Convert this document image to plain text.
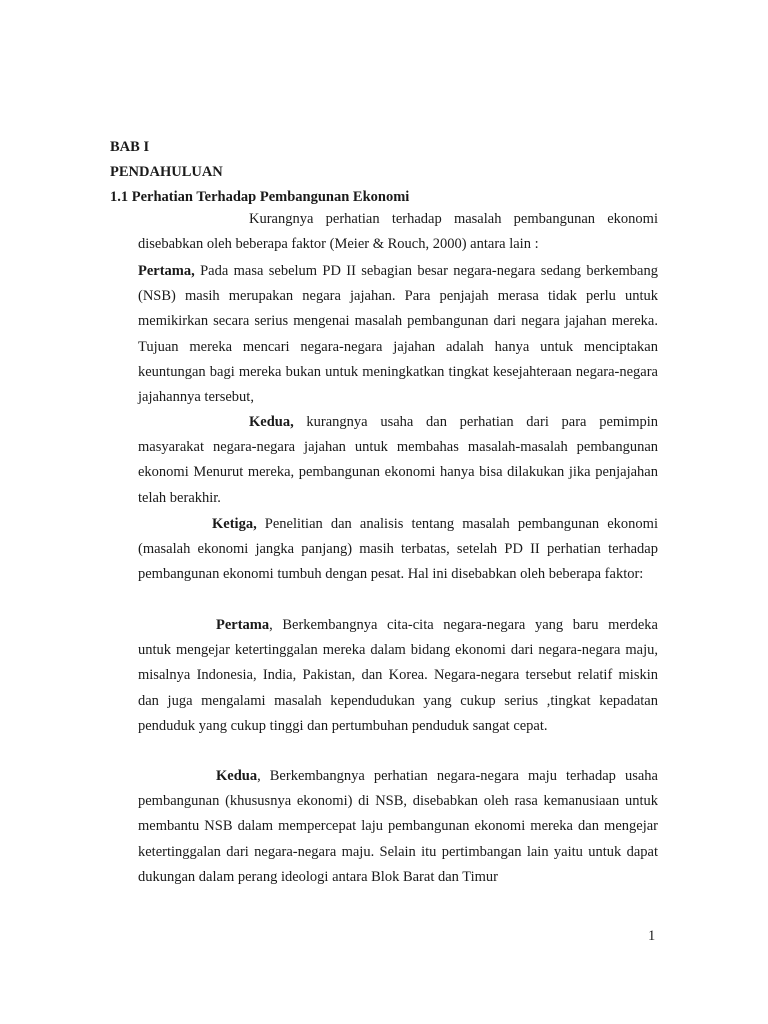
BAB I

PENDAHULUAN

1.1 Perhatian Terhadap Pembangunan Ekonomi

Kurangnya perhatian terhadap masalah pembangunan ekonomi disebabkan oleh beberapa faktor (Meier & Rouch, 2000) antara lain :

Pertama, Pada masa sebelum PD II sebagian besar negara-negara sedang berkembang (NSB) masih merupakan negara jajahan. Para penjajah merasa tidak perlu untuk memikirkan secara serius mengenai masalah pembangunan dari negara jajahan mereka. Tujuan mereka mencari negara-negara jajahan adalah hanya untuk menciptakan keuntungan bagi mereka bukan untuk meningkatkan tingkat kesejahteraan negara-negara jajahannya tersebut,

Kedua, kurangnya usaha dan perhatian dari para pemimpin masyarakat negara-negara jajahan untuk membahas masalah-masalah pembangunan ekonomi Menurut mereka, pembangunan ekonomi hanya bisa dilakukan jika penjajahan telah berakhir.

Ketiga, Penelitian dan analisis tentang masalah pembangunan ekonomi (masalah ekonomi jangka panjang) masih terbatas, setelah PD II perhatian terhadap pembangunan ekonomi tumbuh dengan pesat. Hal ini disebabkan oleh beberapa faktor:

Pertama, Berkembangnya cita-cita negara-negara yang baru merdeka untuk mengejar ketertinggalan mereka dalam bidang ekonomi dari negara-negara maju, misalnya Indonesia, India, Pakistan, dan Korea. Negara-negara tersebut relatif miskin dan juga mengalami masalah kependudukan yang cukup serius ,tingkat kepadatan penduduk yang cukup tinggi dan pertumbuhan penduduk sangat cepat.

Kedua, Berkembangnya perhatian negara-negara maju terhadap usaha pembangunan (khususnya ekonomi) di NSB, disebabkan oleh rasa kemanusiaan untuk membantu NSB dalam mempercepat laju pembangunan ekonomi mereka dan mengejar ketertinggalan dari negara-negara maju. Selain itu pertimbangan lain yaitu untuk dapat dukungan dalam perang ideologi antara Blok Barat dan Timur

1
